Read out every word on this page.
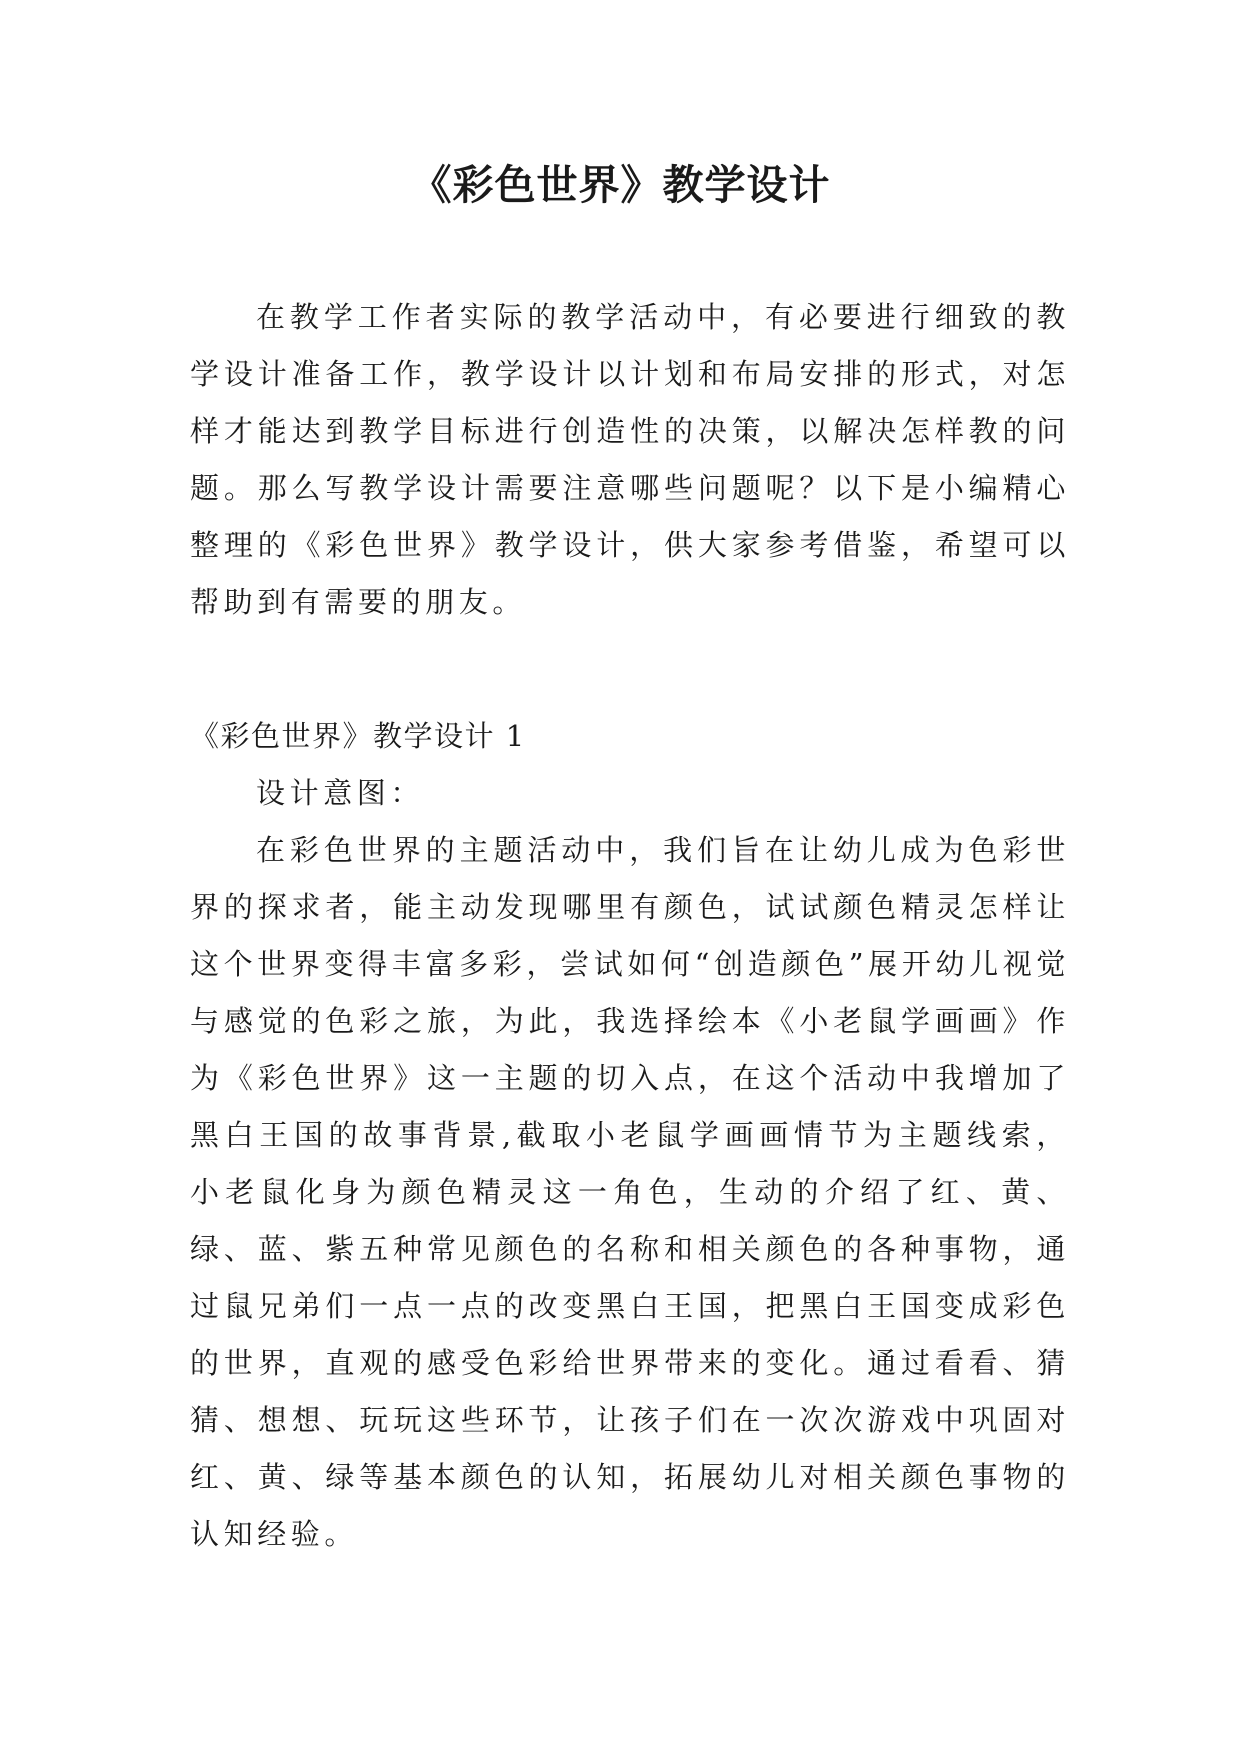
《彩色世界》教学设计

在教学工作者实际的教学活动中，有必要进行细致的教学设计准备工作，教学设计以计划和布局安排的形式，对怎样才能达到教学目标进行创造性的决策，以解决怎样教的问题。那么写教学设计需要注意哪些问题呢？以下是小编精心整理的《彩色世界》教学设计，供大家参考借鉴，希望可以帮助到有需要的朋友。

《彩色世界》教学设计 1

设计意图：

在彩色世界的主题活动中，我们旨在让幼儿成为色彩世界的探求者，能主动发现哪里有颜色，试试颜色精灵怎样让这个世界变得丰富多彩，尝试如何“创造颜色”展开幼儿视觉与感觉的色彩之旅，为此，我选择绘本《小老鼠学画画》作为《彩色世界》这一主题的切入点，在这个活动中我增加了黑白王国的故事背景,截取小老鼠学画画情节为主题线索，小老鼠化身为颜色精灵这一角色，生动的介绍了红、黄、绿、蓝、紫五种常见颜色的名称和相关颜色的各种事物，通过鼠兄弟们一点一点的改变黑白王国，把黑白王国变成彩色的世界，直观的感受色彩给世界带来的变化。通过看看、猜猜、想想、玩玩这些环节，让孩子们在一次次游戏中巩固对红、黄、绿等基本颜色的认知，拓展幼儿对相关颜色事物的认知经验。
